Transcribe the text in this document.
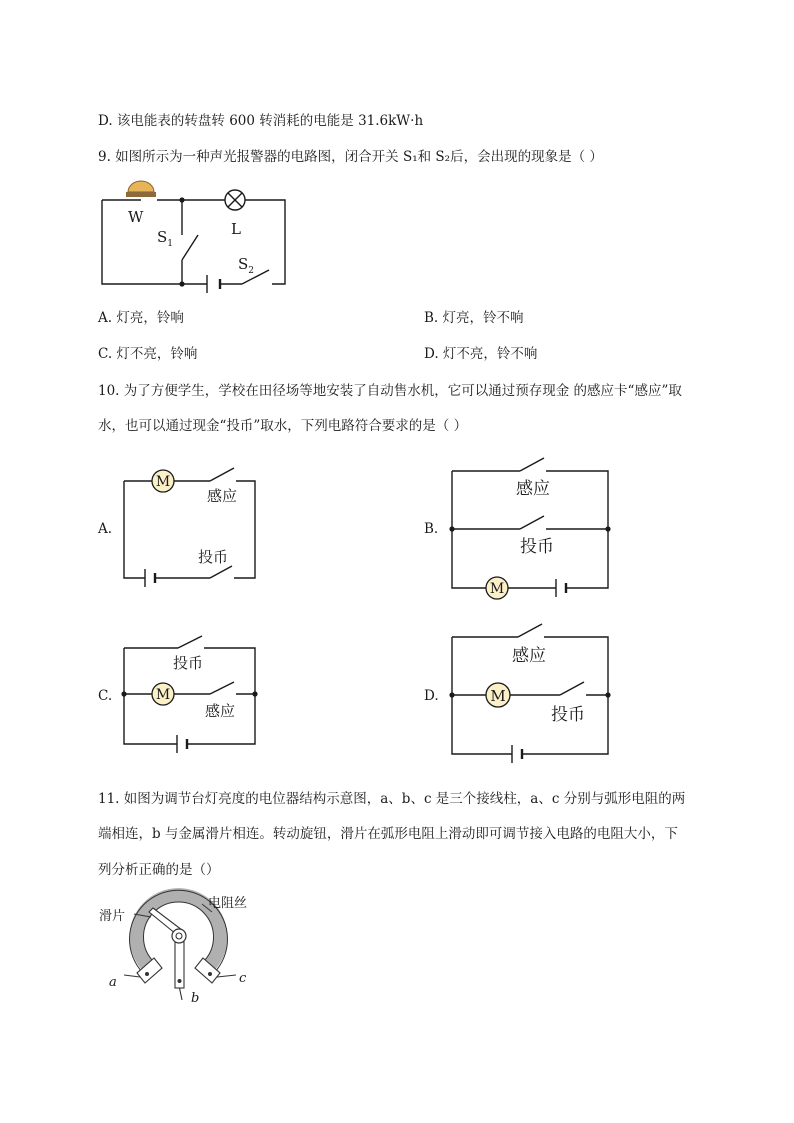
D. 该电能表的转盘转 600 转消耗的电能是 31.6kW·h
9. 如图所示为一种声光报警器的电路图，闭合开关 S₁和 S₂后，会出现的现象是（ ）
W
L
$S_1$
$S_2$
A. 灯亮，铃响	B. 灯亮，铃不响
C. 灯不亮，铃响	D. 灯不亮，铃不响
10. 为了方便学生，学校在田径场等地安装了自动售水机，它可以通过预存现金 的感应卡“感应”取
水，也可以通过现金“投币”取水，下列电路符合要求的是（ ）
A.
M
感应
投币
B.
M
感应
投币
C.	M
投币
感应
D.	M
感应
投币
11. 如图为调节台灯亮度的电位器结构示意图，a、b、c 是三个接线柱，a、c 分别与弧形电阻的两
端相连，b 与金属滑片相连。转动旋钮，滑片在弧形电阻上滑动即可调节接入电路的电阻大小，下
列分析正确的是（）
滑片
电阻丝
a
b
c
